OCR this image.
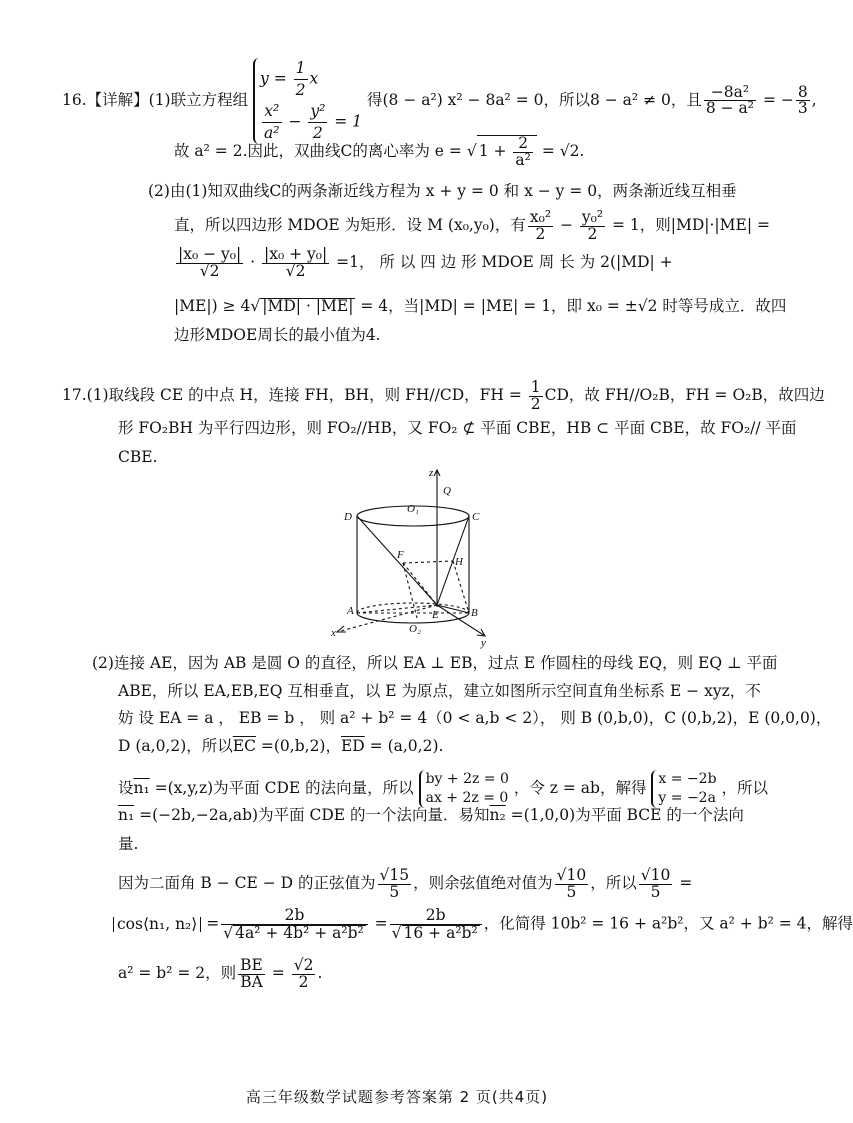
16.【详解】(1)联立方程组
$y = \frac{1}{2}$ x
$\frac{\text{x²}}{\text{a²}} - \frac{\text{y²}}{2} = 1$
得(8 − a²) x² − 8a² = 0，所以8 − a² ≠ 0，且 $\frac{\text{−8a²}}{\text{8 − a²}}$ = − $\frac{8}{3}$ ,
故 a² = 2.因此，双曲线C的离心率为 e = √ $1 + \frac{2}{\text{a²}} = √2$.
(2)由(1)知双曲线C的两条渐近线方程为 x + y = 0 和 x − y = 0，两条渐近线互相垂
直，所以四边形 MDOE 为矩形．设 M (x₀,y₀)，有 $\frac{\text{x₀²}}{2} - \frac{\text{y₀²}}{2} = 1$，则|MD|·|ME| =
$\frac{\text{|x₀ − y₀|}}{√2} \cdot \frac{\text{|x₀ + y₀|}}{√2} =1$， 所 以 四 边 形 MDOE 周 长 为 2(|MD| +
|ME|) ≥ 4√ |MD| · |ME| = 4，当|MD| = |ME| = 1，即 x₀ = ±√2 时等号成立．故四
边形MDOE周长的最小值为4.
17.(1)取线段 CE 的中点 H，连接 FH，BH，则 FH//CD，FH = $\frac{1}{2}$ CD，故 FH//O₂B，FH = O₂B，故四边
形 FO₂BH 为平行四边形，则 FO₂//HB，又 FO₂ ⊄ 平面 CBE，HB ⊂ 平面 CBE，故 FO₂// 平面
CBE.
z
Q
D
O₁
C
F
H
A	E	B
O₂
x
y
(2)连接 AE，因为 AB 是圆 O 的直径，所以 EA ⊥ EB，过点 E 作圆柱的母线 EQ，则 EQ ⊥ 平面
ABE，所以 EA,EB,EQ 互相垂直，以 E 为原点，建立如图所示空间直角坐标系 E − xyz，不
妨 设 EA = a ， EB = b ， 则 a² + b² = 4（0 < a,b < 2）， 则 B (0,b,0)，C (0,b,2)，E (0,0,0)，
D (a,0,2)，所以$\overline{EC} =(0,b,2)$，$\overline{ED} = (a,0,2)$.
设n₁ =(x,y,z)为平面 CDE 的法向量，所以 by + 2z = 0
ax + 2z = 0
，令 z = ab，解得 x = −2b
y = −2a
，所以
n₁ =(−2b,−2a,ab)为平面 CDE 的一个法向量．易知n₂ =(1,0,0)为平面 BCE 的一个法向
量.
因为二面角 B − CE − D 的正弦值为 $\frac{√15}{5}$ ，则余弦值绝对值为 $\frac{√10}{5}$ ，所以 $\frac{√10}{5}$ =
cos⟨n₁, n₂⟩ = $\frac{2b}{\text{√ 4a² + 4b² + a²b²}} = \frac{2b}{\text{√ 16 + a²b²}}$ ，化简得 10b² = 16 + a²b²，又 a² + b² = 4，解得
a² = b² = 2，则 $\frac{BE}{BA} = \frac{√2}{2}$ .
高三年级数学试题参考答案第 2 页(共4页)
